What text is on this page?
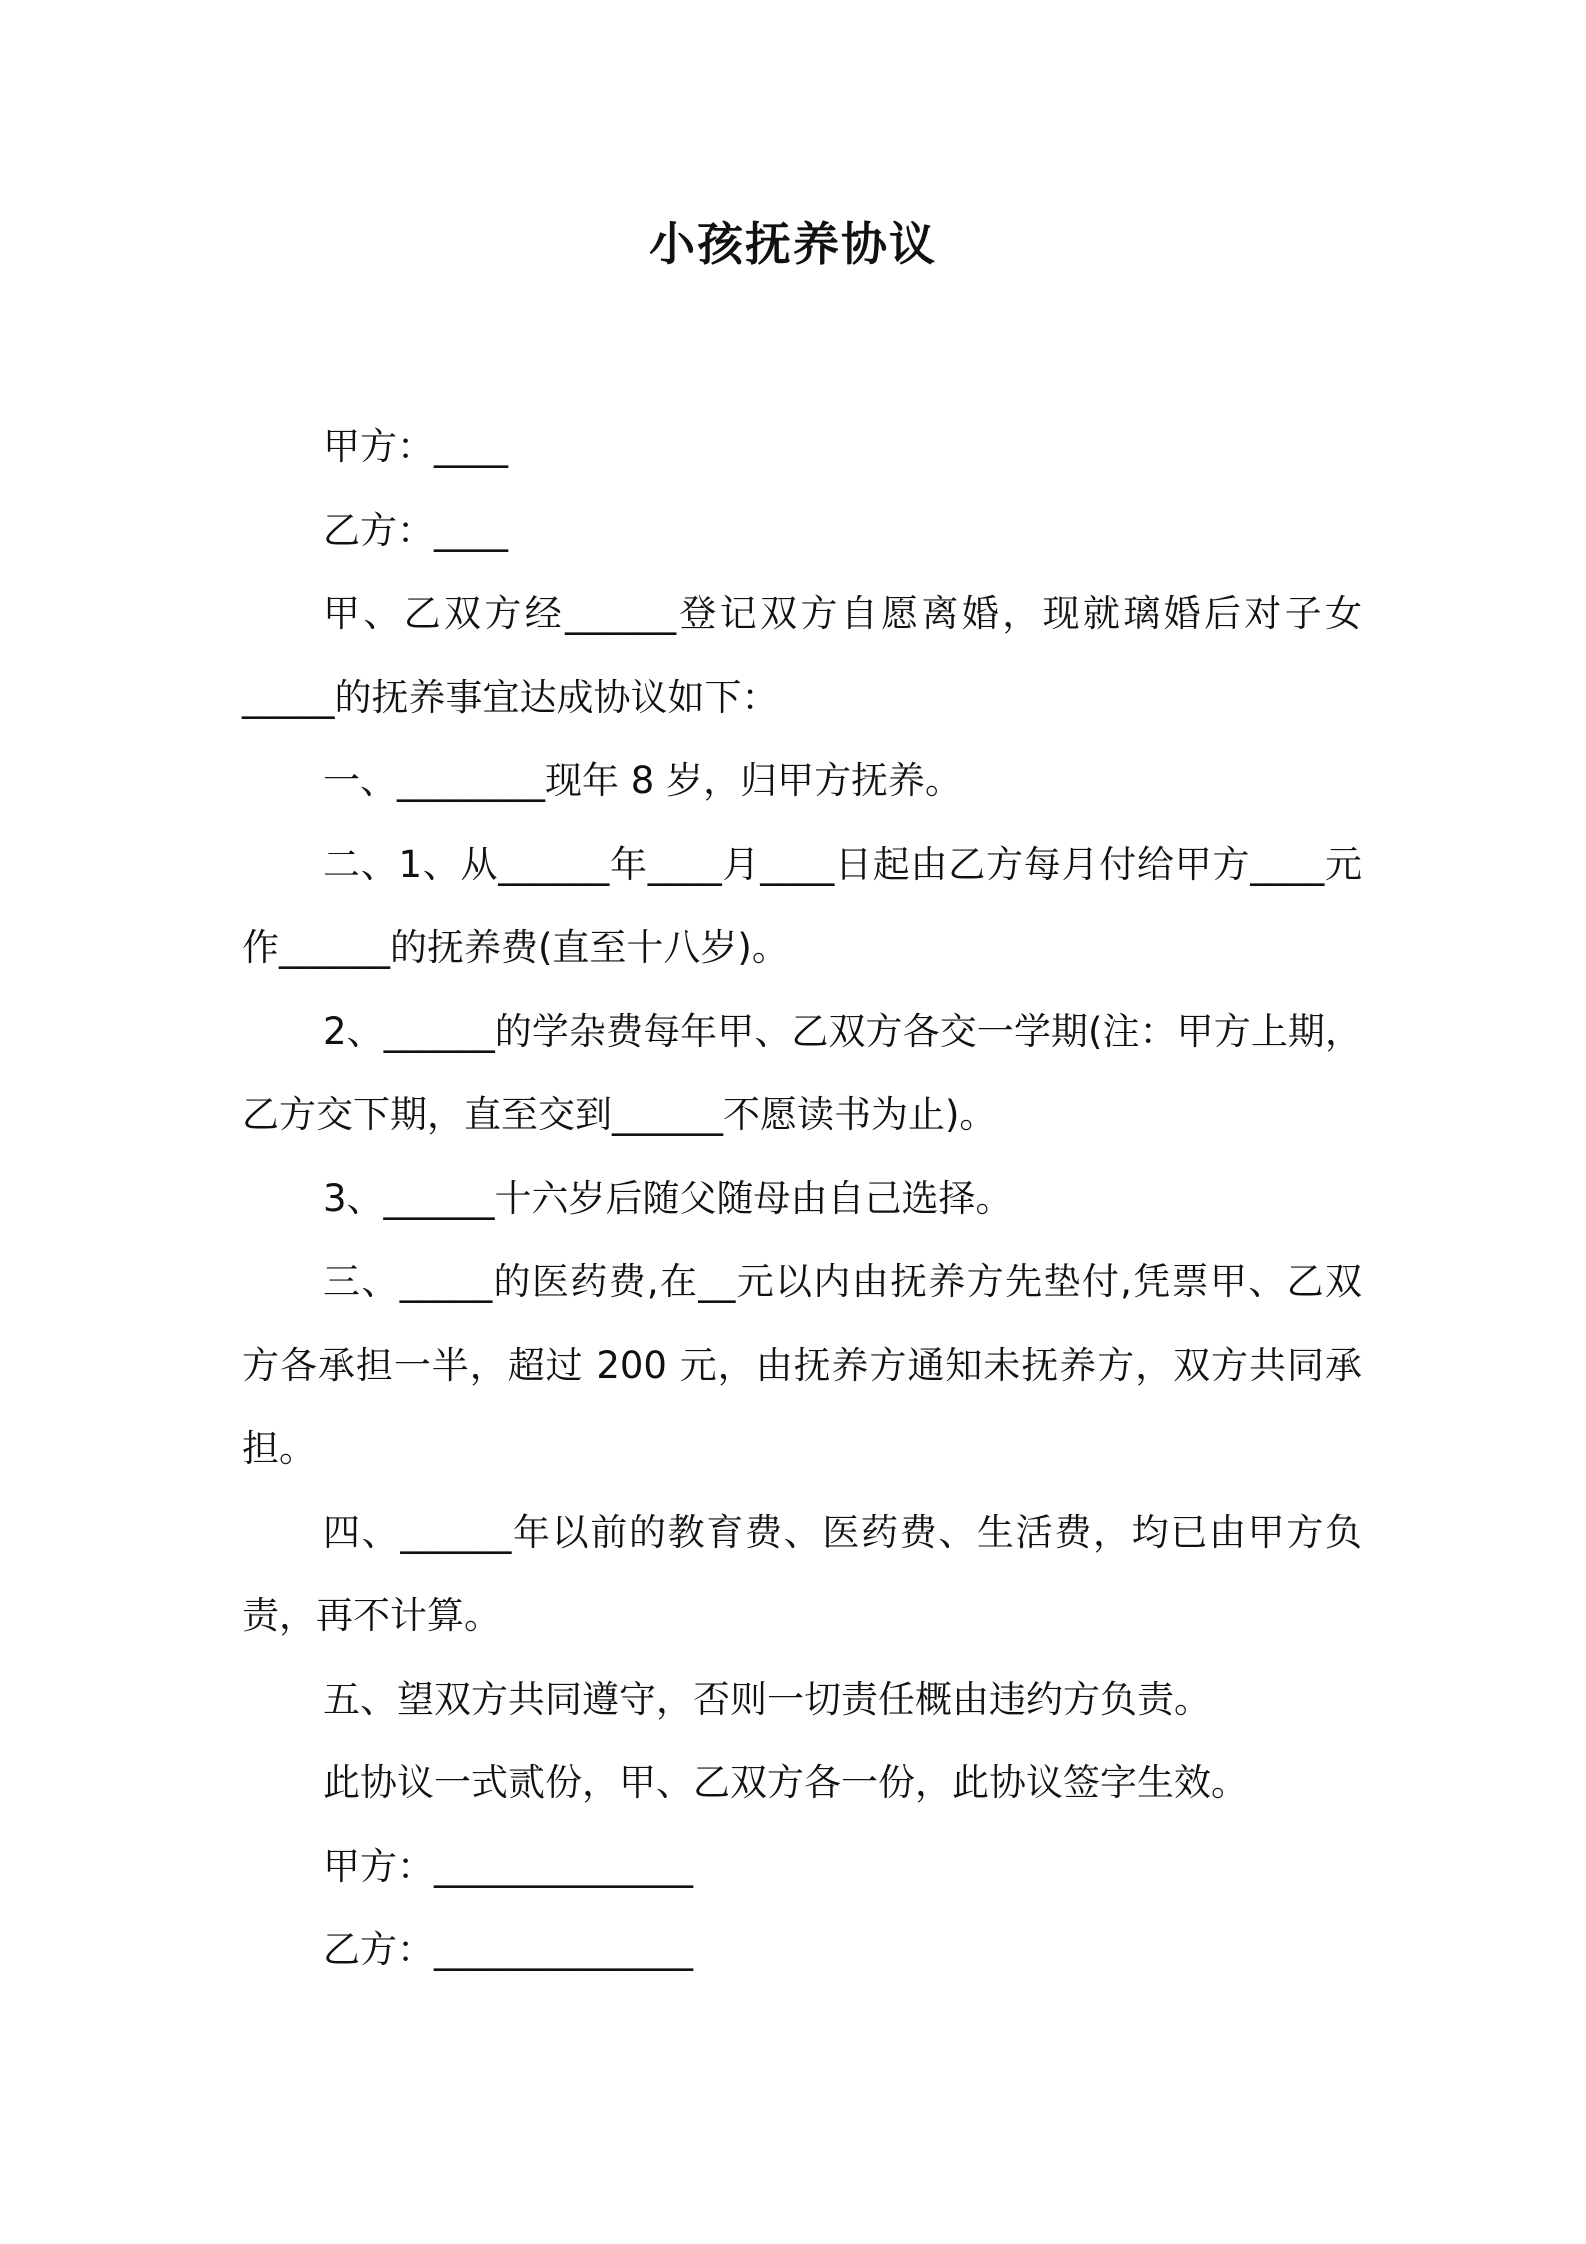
小孩抚养协议

甲方：____

乙方：____

甲、乙双方经______登记双方自愿离婚，现就璃婚后对子女_____的抚养事宜达成协议如下：

一、________现年 8 岁，归甲方抚养。

二、1、从______年____月____日起由乙方每月付给甲方____元作______的抚养费(直至十八岁)。

2、______的学杂费每年甲、乙双方各交一学期(注：甲方上期，乙方交下期，直至交到______不愿读书为止)。

3、______十六岁后随父随母由自己选择。

三、_____的医药费,在__元以内由抚养方先垫付,凭票甲、乙双方各承担一半，超过 200 元，由抚养方通知未抚养方，双方共同承担。

四、______年以前的教育费、医药费、生活费，均已由甲方负责，再不计算。

五、望双方共同遵守，否则一切责任概由违约方负责。

此协议一式贰份，甲、乙双方各一份，此协议签字生效。

甲方：______________

乙方：______________
